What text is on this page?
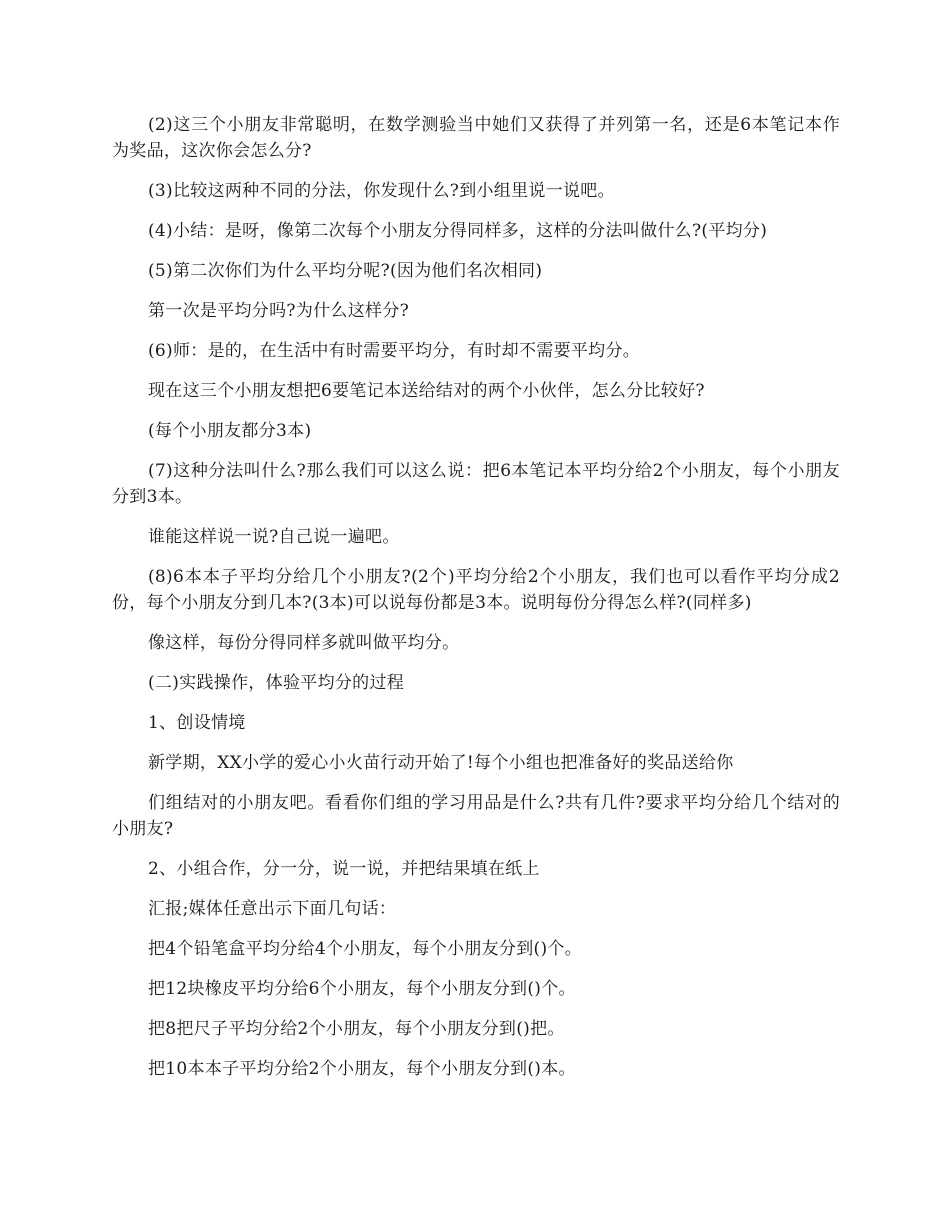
(2)这三个小朋友非常聪明，在数学测验当中她们又获得了并列第一名，还是6本笔记本作为奖品，这次你会怎么分?

(3)比较这两种不同的分法，你发现什么?到小组里说一说吧。

(4)小结：是呀，像第二次每个小朋友分得同样多，这样的分法叫做什么?(平均分)

(5)第二次你们为什么平均分呢?(因为他们名次相同)

第一次是平均分吗?为什么这样分?

(6)师：是的，在生活中有时需要平均分，有时却不需要平均分。

现在这三个小朋友想把6要笔记本送给结对的两个小伙伴，怎么分比较好?

(每个小朋友都分3本)

(7)这种分法叫什么?那么我们可以这么说：把6本笔记本平均分给2个小朋友，每个小朋友分到3本。

谁能这样说一说?自己说一遍吧。

(8)6本本子平均分给几个小朋友?(2个)平均分给2个小朋友，我们也可以看作平均分成2份，每个小朋友分到几本?(3本)可以说每份都是3本。说明每份分得怎么样?(同样多)

像这样，每份分得同样多就叫做平均分。

(二)实践操作，体验平均分的过程

1、创设情境

新学期，XX小学的爱心小火苗行动开始了!每个小组也把准备好的奖品送给你

们组结对的小朋友吧。看看你们组的学习用品是什么?共有几件?要求平均分给几个结对的小朋友?

2、小组合作，分一分，说一说，并把结果填在纸上

汇报;媒体任意出示下面几句话：

把4个铅笔盒平均分给4个小朋友，每个小朋友分到()个。

把12块橡皮平均分给6个小朋友，每个小朋友分到()个。

把8把尺子平均分给2个小朋友，每个小朋友分到()把。

把10本本子平均分给2个小朋友，每个小朋友分到()本。
